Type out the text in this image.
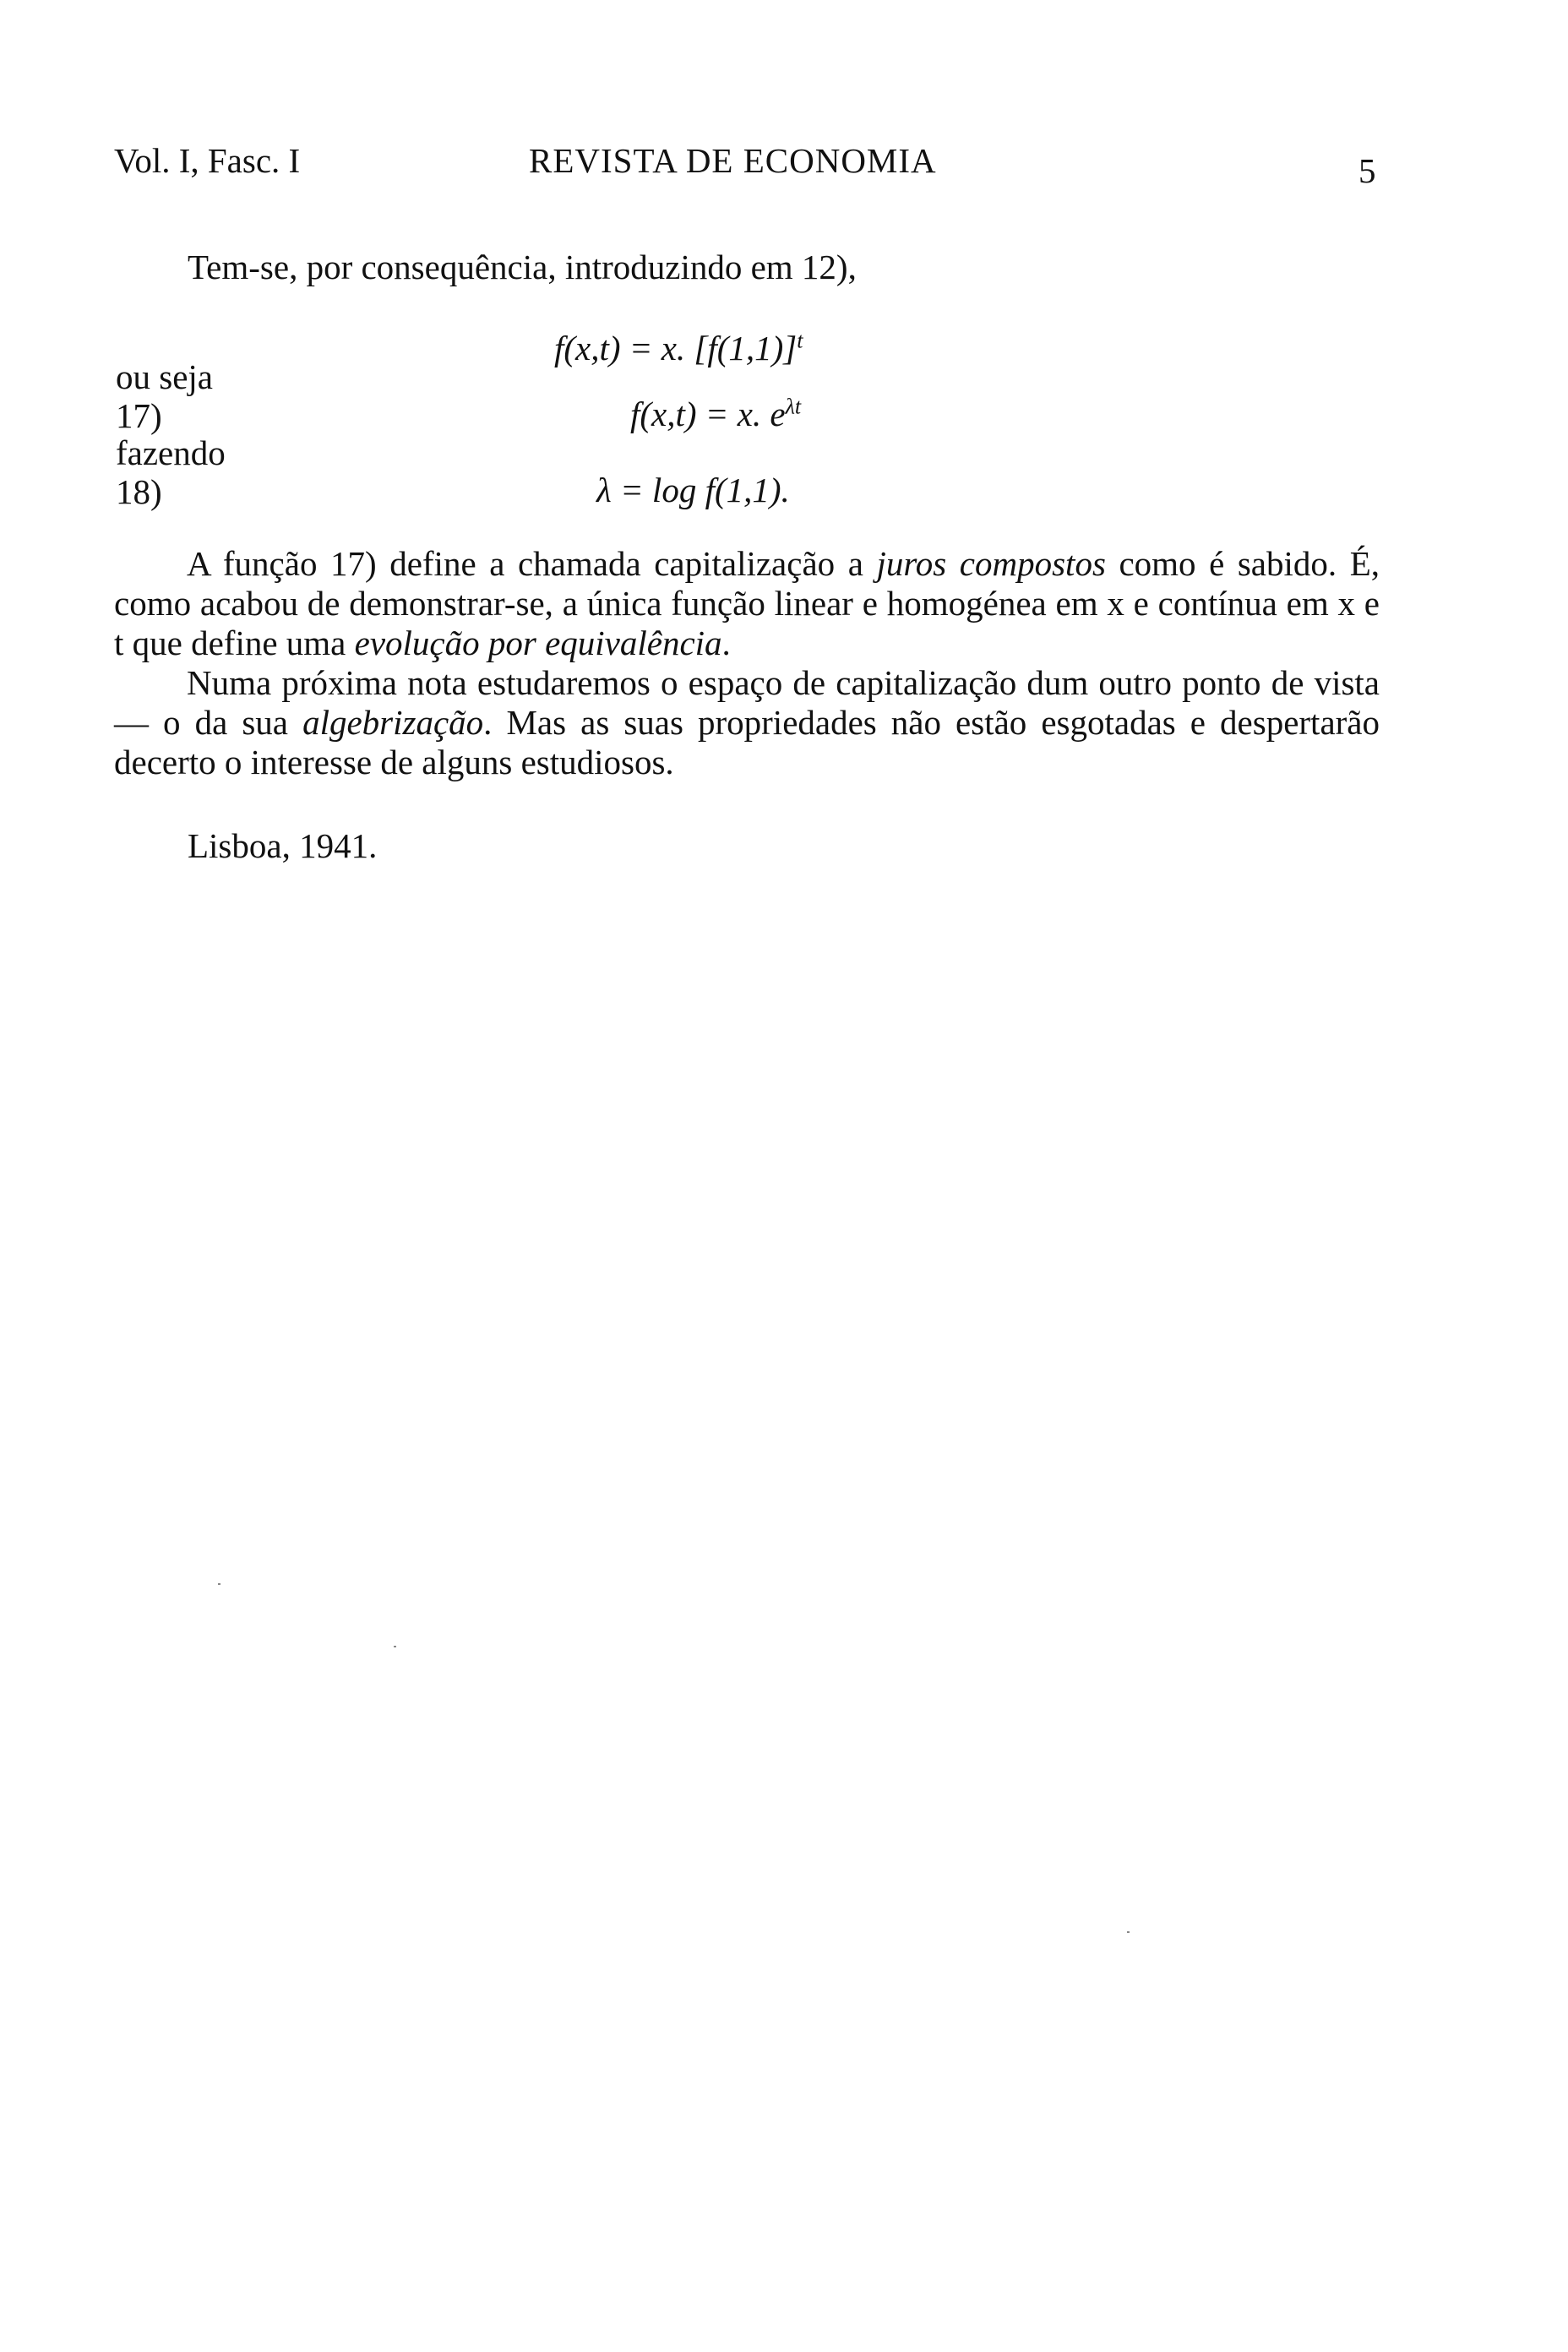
Vol. I, Fasc. I	REVISTA DE ECONOMIA	5
Tem-se, por consequência, introduzindo em 12),
f(x,t) = x. $[f(1,1)]^t$
ou seja
17)	f(x,t) = x. $e^{\lambda t}$
fazendo
18)	λ = log f(1,1).
A função 17) define a chamada capitalização a juros compostos como é sabido. É, como acabou de demonstrar-se, a única função linear e homogénea em x e contínua em x e t que define uma evolução por equivalência.
Numa próxima nota estudaremos o espaço de capitalização dum outro ponto de vista — o da sua algebrização. Mas as suas propriedades não estão esgotadas e despertarão decerto o interesse de alguns estudiosos.
Lisboa, 1941.
